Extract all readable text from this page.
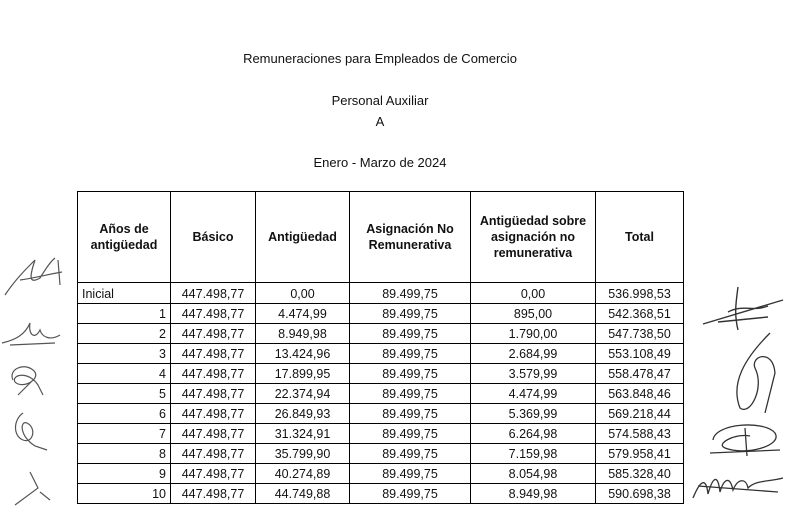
Remuneraciones para Empleados de Comercio
Personal Auxiliar
A
Enero - Marzo de 2024
Años de antigüedad	Básico	Antigüedad	Asignación No Remunerativa	Antigüedad sobre asignación no remunerativa	Total
Inicial	447.498,77	0,00	89.499,75	0,00	536.998,53
1	447.498,77	4.474,99	89.499,75	895,00	542.368,51
2	447.498,77	8.949,98	89.499,75	1.790,00	547.738,50
3	447.498,77	13.424,96	89.499,75	2.684,99	553.108,49
4	447.498,77	17.899,95	89.499,75	3.579,99	558.478,47
5	447.498,77	22.374,94	89.499,75	4.474,99	563.848,46
6	447.498,77	26.849,93	89.499,75	5.369,99	569.218,44
7	447.498,77	31.324,91	89.499,75	6.264,98	574.588,43
8	447.498,77	35.799,90	89.499,75	7.159,98	579.958,41
9	447.498,77	40.274,89	89.499,75	8.054,98	585.328,40
10	447.498,77	44.749,88	89.499,75	8.949,98	590.698,38
